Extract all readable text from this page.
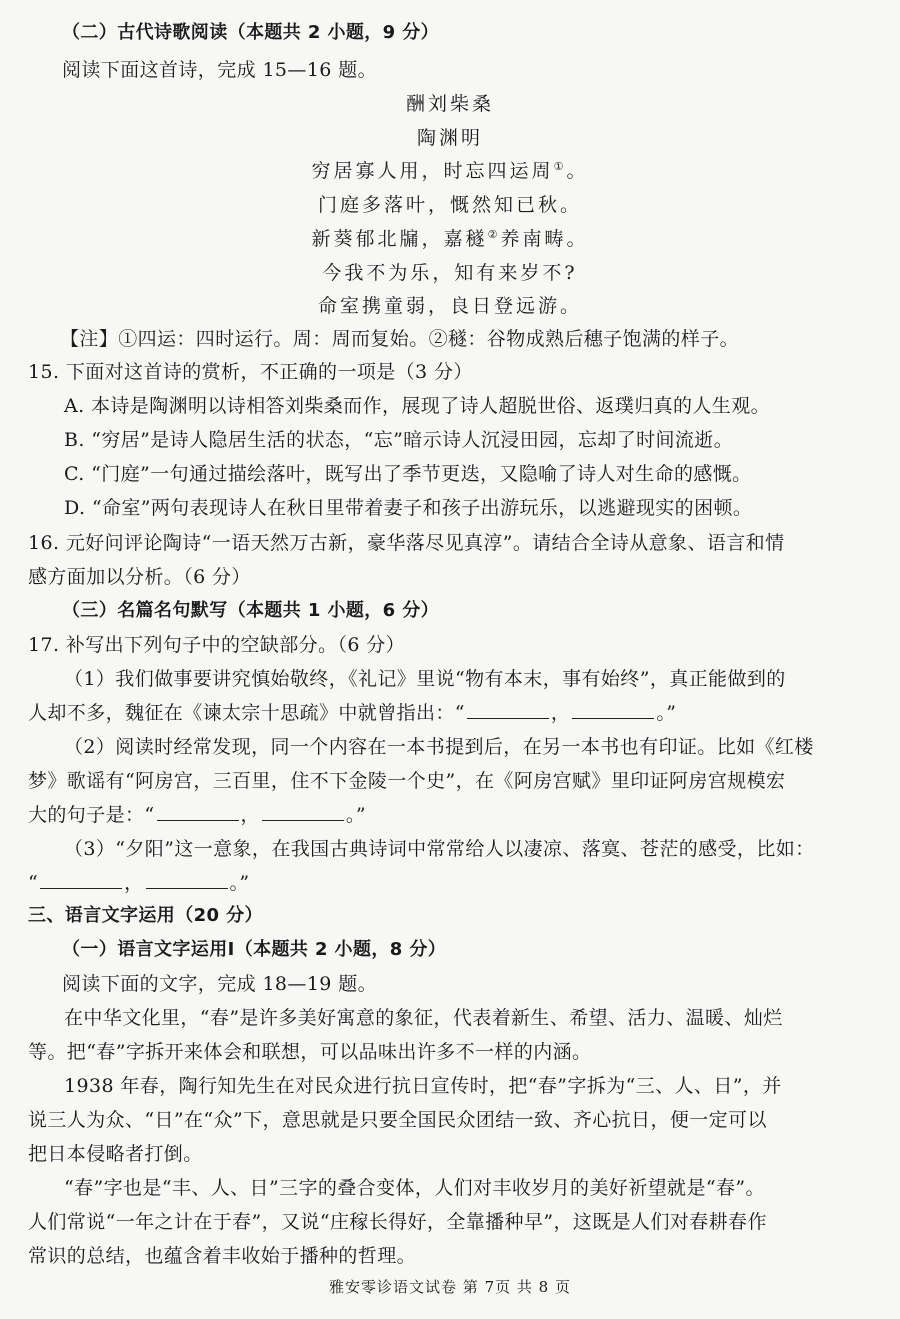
（二）古代诗歌阅读（本题共 2 小题，9 分）
阅读下面这首诗，完成 15—16 题。
酬刘柴桑
陶渊明
穷居寡人用，时忘四运周①。
门庭多落叶，慨然知已秋。
新葵郁北牖，嘉穟②养南畴。
今我不为乐，知有来岁不?
命室携童弱，良日登远游。
【注】①四运：四时运行。周：周而复始。②穟：谷物成熟后穗子饱满的样子。
15. 下面对这首诗的赏析，不正确的一项是（3 分）
A. 本诗是陶渊明以诗相答刘柴桑而作，展现了诗人超脱世俗、返璞归真的人生观。
B. “穷居”是诗人隐居生活的状态，“忘”暗示诗人沉浸田园，忘却了时间流逝。
C. “门庭”一句通过描绘落叶，既写出了季节更迭，又隐喻了诗人对生命的感慨。
D. “命室”两句表现诗人在秋日里带着妻子和孩子出游玩乐，以逃避现实的困顿。
16. 元好问评论陶诗“一语天然万古新，豪华落尽见真淳”。请结合全诗从意象、语言和情
感方面加以分析。（6 分）
（三）名篇名句默写（本题共 1 小题，6 分）
17. 补写出下列句子中的空缺部分。（6 分）
（1）我们做事要讲究慎始敬终，《礼记》里说“物有本末，事有始终”，真正能做到的
人却不多，魏征在《谏太宗十思疏》中就曾指出：“	，	。”
（2）阅读时经常发现，同一个内容在一本书提到后，在另一本书也有印证。比如《红楼
梦》歌谣有“阿房宫，三百里，住不下金陵一个史”，在《阿房宫赋》里印证阿房宫规模宏
大的句子是：“	，	。”
（3）“夕阳”这一意象，在我国古典诗词中常常给人以凄凉、落寞、苍茫的感受，比如：
“	，	。”
三、语言文字运用（20 分）
（一）语言文字运用Ⅰ（本题共 2 小题，8 分）
阅读下面的文字，完成 18—19 题。
在中华文化里，“春”是许多美好寓意的象征，代表着新生、希望、活力、温暖、灿烂
等。把“春”字拆开来体会和联想，可以品味出许多不一样的内涵。
1938 年春，陶行知先生在对民众进行抗日宣传时，把“春”字拆为“三、人、日”，并
说三人为众、“日”在“众”下，意思就是只要全国民众团结一致、齐心抗日，便一定可以
把日本侵略者打倒。
“春”字也是“丰、人、日”三字的叠合变体，人们对丰收岁月的美好祈望就是“春”。
人们常说“一年之计在于春”，又说“庄稼长得好，全靠播种早”，这既是人们对春耕春作
常识的总结，也蕴含着丰收始于播种的哲理。
雅安零诊语文试卷 第 7页 共 8 页
